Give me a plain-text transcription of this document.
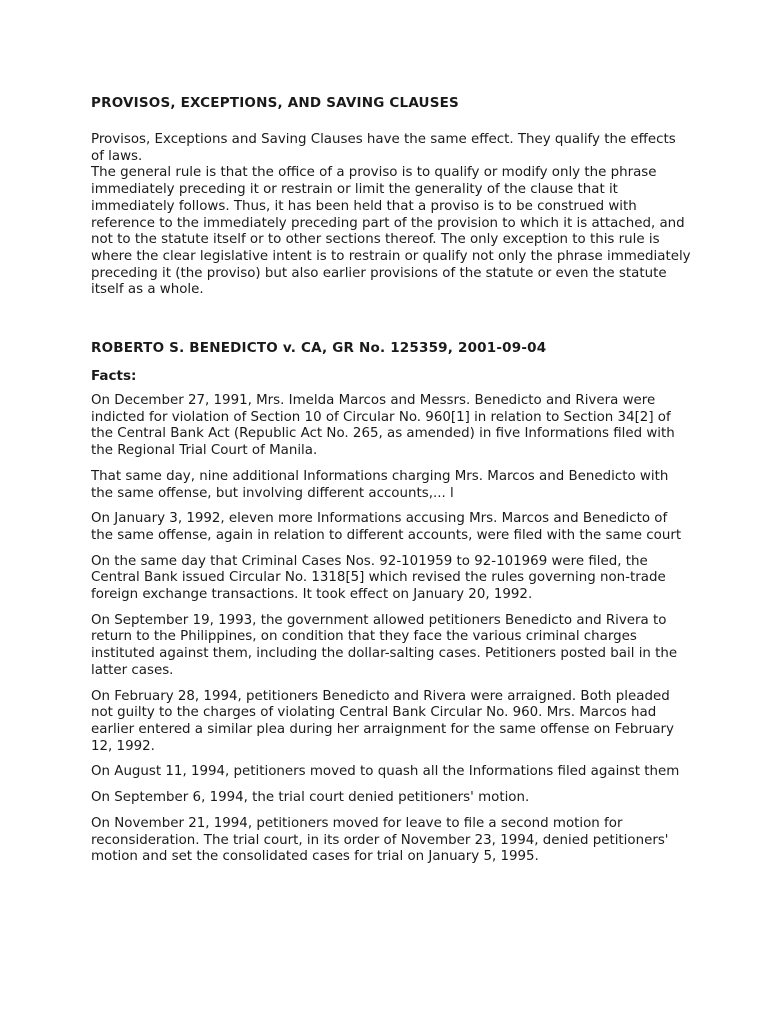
PROVISOS, EXCEPTIONS, AND SAVING CLAUSES

Provisos, Exceptions and Saving Clauses have the same effect. They qualify the effects of laws.

The general rule is that the office of a proviso is to qualify or modify only the phrase immediately preceding it or restrain or limit the generality of the clause that it immediately follows. Thus, it has been held that a proviso is to be construed with reference to the immediately preceding part of the provision to which it is attached, and not to the statute itself or to other sections thereof. The only exception to this rule is where the clear legislative intent is to restrain or qualify not only the phrase immediately preceding it (the proviso) but also earlier provisions of the statute or even the statute itself as a whole.

ROBERTO S. BENEDICTO v. CA, GR No. 125359, 2001-09-04
Facts:

On December 27, 1991, Mrs. Imelda Marcos and Messrs. Benedicto and Rivera were indicted for violation of Section 10 of Circular No. 960[1] in relation to Section 34[2] of the Central Bank Act (Republic Act No. 265, as amended) in five Informations filed with the Regional Trial Court of Manila.

That same day, nine additional Informations charging Mrs. Marcos and Benedicto with the same offense, but involving different accounts,... l

On January 3, 1992, eleven more Informations accusing Mrs. Marcos and Benedicto of the same offense, again in relation to different accounts, were filed with the same court

On the same day that Criminal Cases Nos. 92-101959 to 92-101969 were filed, the Central Bank issued Circular No. 1318[5] which revised the rules governing non-trade foreign exchange transactions. It took effect on January 20, 1992.

On September 19, 1993, the government allowed petitioners Benedicto and Rivera to return to the Philippines, on condition that they face the various criminal charges instituted against them, including the dollar-salting cases. Petitioners posted bail in the latter cases.

On February 28, 1994, petitioners Benedicto and Rivera were arraigned. Both pleaded not guilty to the charges of violating Central Bank Circular No. 960. Mrs. Marcos had earlier entered a similar plea during her arraignment for the same offense on February 12, 1992.

On August 11, 1994, petitioners moved to quash all the Informations filed against them

On September 6, 1994, the trial court denied petitioners' motion.

On November 21, 1994, petitioners moved for leave to file a second motion for reconsideration. The trial court, in its order of November 23, 1994, denied petitioners' motion and set the consolidated cases for trial on January 5, 1995.
